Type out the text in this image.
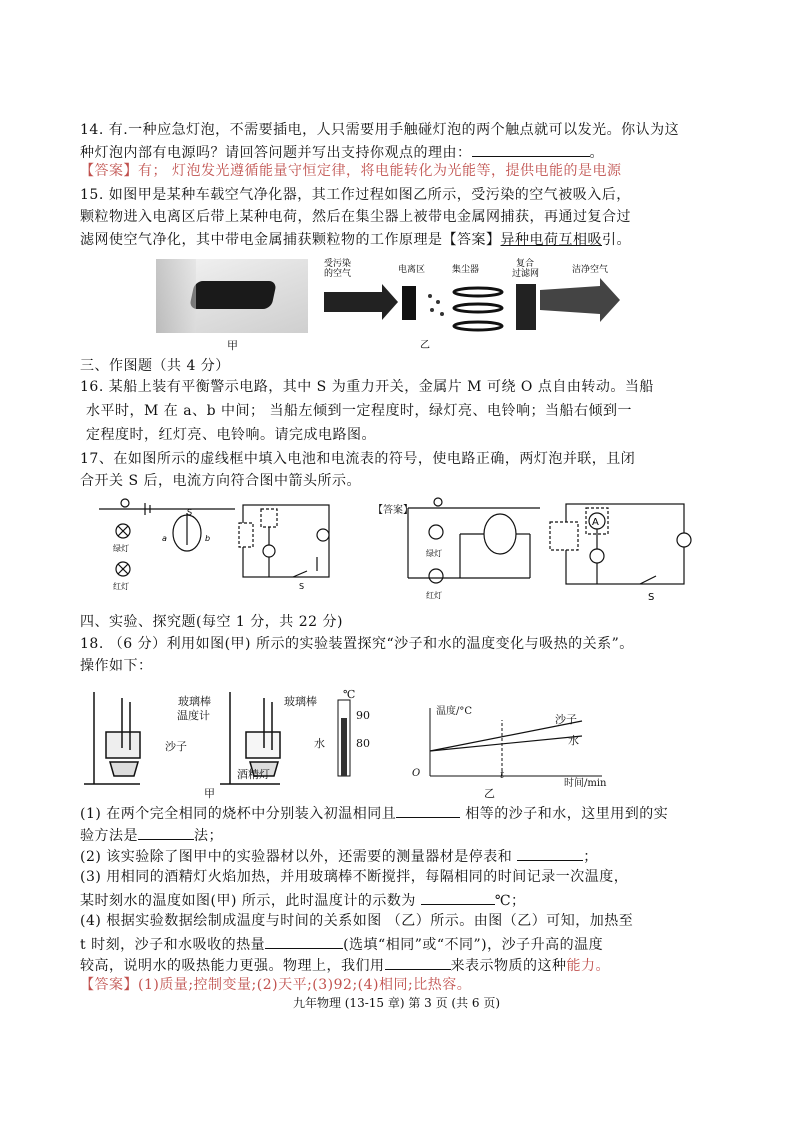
14. 有.一种应急灯泡，不需要插电，人只需要用手触碰灯泡的两个触点就可以发光。你认为这
种灯泡内部有电源吗？请回答问题并写出支持你观点的理由：	。
【答案】有； 灯泡发光遵循能量守恒定律，将电能转化为光能等，提供电能的是电源
15. 如图甲是某种车载空气净化器，其工作过程如图乙所示，受污染的空气被吸入后，
颗粒物进入电离区后带上某种电荷，然后在集尘器上被带电金属网捕获，再通过复合过
滤网使空气净化，其中带电金属捕获颗粒物的工作原理是【答案】异种电荷互相吸引。
甲
受污染
的空气	电离区	集尘器
复合
过滤网	洁净空气
乙
三、作图题（共 4 分）
16. 某船上装有平衡警示电路，其中 S 为重力开关，金属片 M 可绕 O 点自由转动。当船
水平时，M 在 a、b 中间； 当船左倾到一定程度时，绿灯亮、电铃响；当船右倾到一
定程度时，红灯亮、电铃响。请完成电路图。
17、在如图所示的虚线框中填入电池和电流表的符号，使电路正确，两灯泡并联，且闭
合开关 S 后，电流方向符合图中箭头所示。
S
a	b
绿灯
红灯	S
【答案】
绿灯
红灯
A
S
四、实验、探究题(每空 1 分，共 22 分)
18. （6 分）利用如图(甲) 所示的实验装置探究“沙子和水的温度变化与吸热的关系”。
操作如下：
玻璃棒
温度计
沙子
玻璃棒
水
酒精灯
℃
90
80
甲
温度/°C
沙子
水
O	t
时间/min
乙
(1) 在两个完全相同的烧杯中分别装入初温相同且	相等的沙子和水，这里用到的实
验方法是	法；
(2) 该实验除了图甲中的实验器材以外，还需要的测量器材是停表和	；
(3) 用相同的酒精灯火焰加热，并用玻璃棒不断搅拌，每隔相同的时间记录一次温度，
某时刻水的温度如图(甲) 所示，此时温度计的示数为	℃；
(4) 根据实验数据绘制成温度与时间的关系如图 （乙）所示。由图（乙）可知，加热至
t 时刻，沙子和水吸收的热量	(选填“相同”或“不同”)，沙子升高的温度
较高，说明水的吸热能力更强。物理上，我们用	来表示物质的这种能力。
【答案】(1)质量;控制变量;(2)天平;(3)92;(4)相同;比热容。
九年物理 (13-15 章) 第 3 页 (共 6 页)
